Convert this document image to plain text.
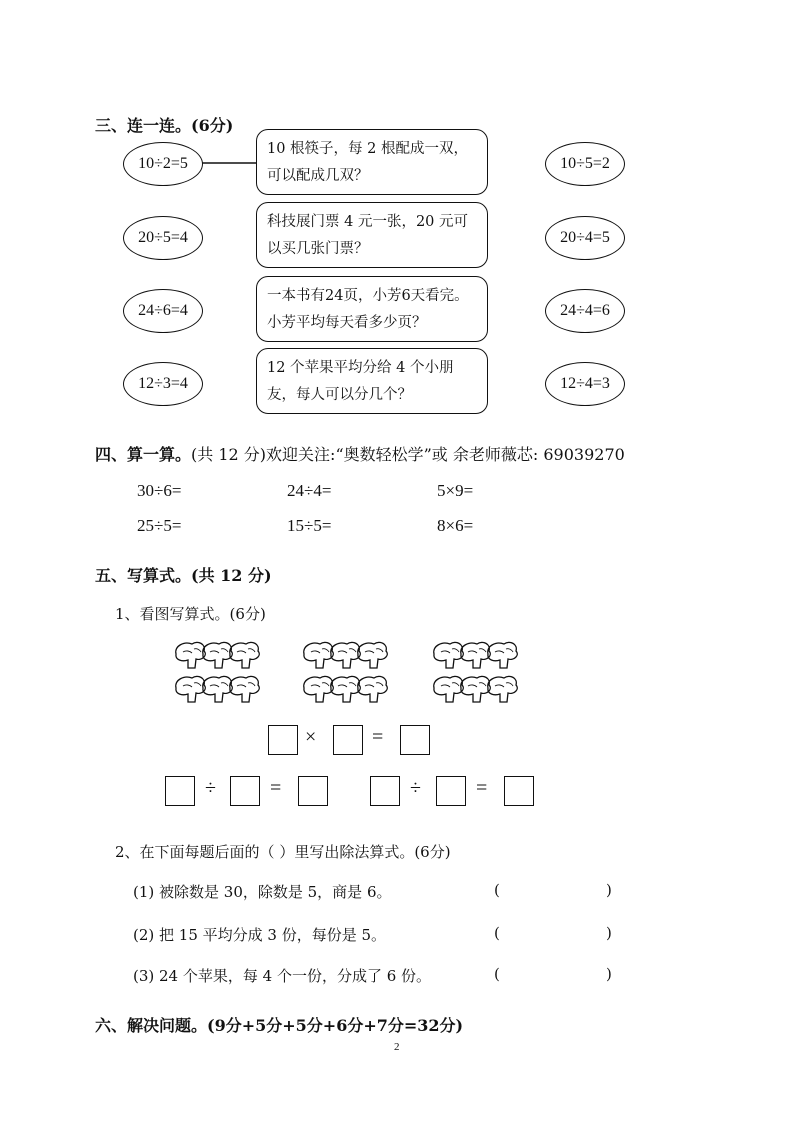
三、连一连。(6分)
10÷2=5
20÷5=4
24÷6=4
12÷3=4
10 根筷子，每 2 根配成一双，可以配成几双？
科技展门票 4 元一张，20 元可以买几张门票？
一本书有24页，小芳6天看完。小芳平均每天看多少页？
12 个苹果平均分给 4 个小朋友，每人可以分几个？
10÷5=2
20÷4=5
24÷4=6
12÷4=3
四、算一算。(共 12 分)欢迎关注:“奥数轻松学”或 余老师薇芯: 69039270
30÷6=	24÷4=	5×9=
25÷5=	15÷5=	8×6=
五、写算式。(共 12 分)
1、看图写算式。(6分)
×	=
÷	=	÷	=
2、在下面每题后面的（ ）里写出除法算式。(6分)
(1) 被除数是 30，除数是 5，商是 6。	(	)
(2) 把 15 平均分成 3 份，每份是 5。	(	)
(3) 24 个苹果，每 4 个一份，分成了 6 份。	(	)
六、解决问题。(9分+5分+5分+6分+7分=32分)
2
